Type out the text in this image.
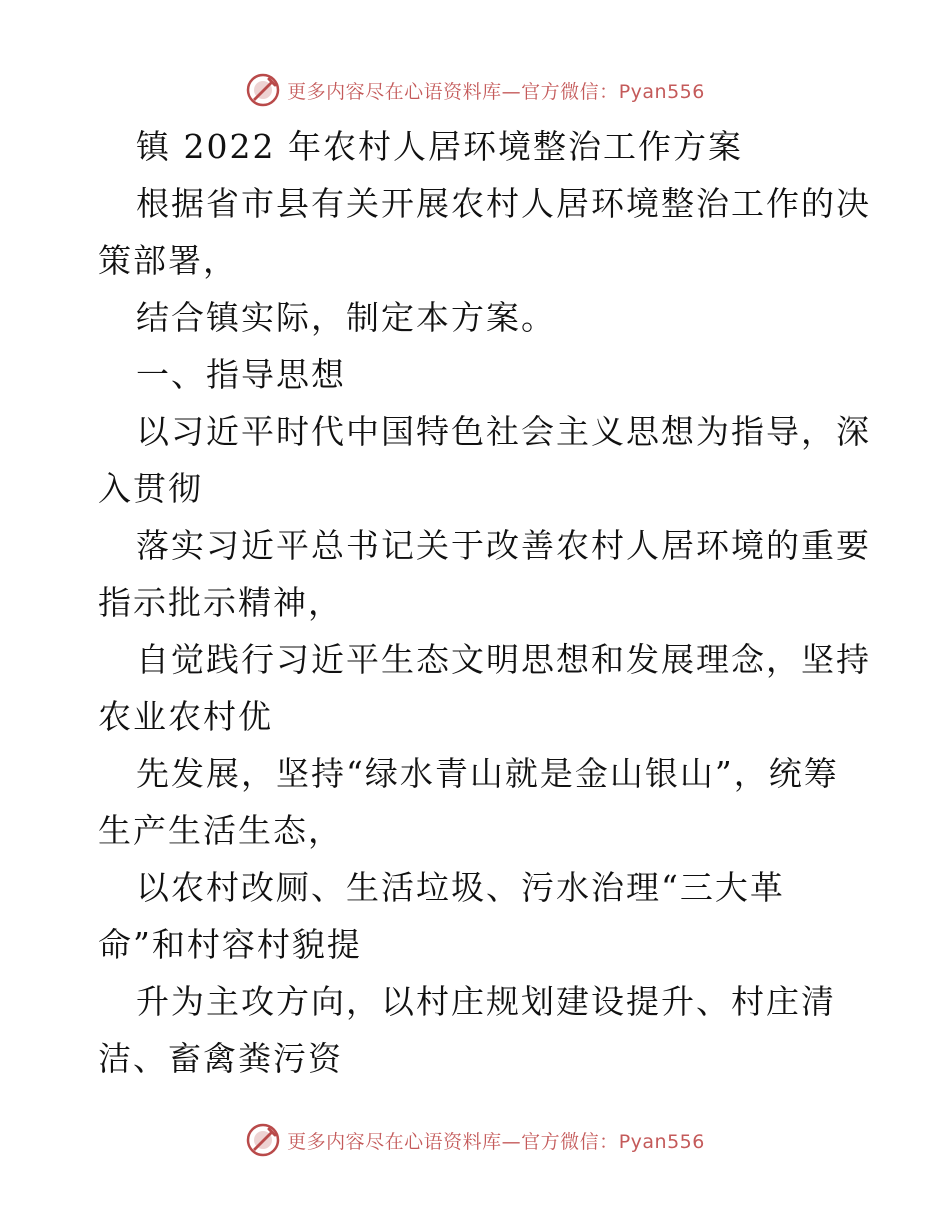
更多内容尽在心语资料库—官方微信：Pyan556
镇 2022 年农村人居环境整治工作方案
根据省市县有关开展农村人居环境整治工作的决
策部署，
结合镇实际，制定本方案。
一、指导思想
以习近平时代中国特色社会主义思想为指导，深
入贯彻
落实习近平总书记关于改善农村人居环境的重要
指示批示精神，
自觉践行习近平生态文明思想和发展理念，坚持
农业农村优
先发展，坚持“绿水青山就是金山银山”，统筹
生产生活生态，
以农村改厕、生活垃圾、污水治理“三大革
命”和村容村貌提
升为主攻方向，以村庄规划建设提升、村庄清
洁、畜禽粪污资
更多内容尽在心语资料库—官方微信：Pyan556
